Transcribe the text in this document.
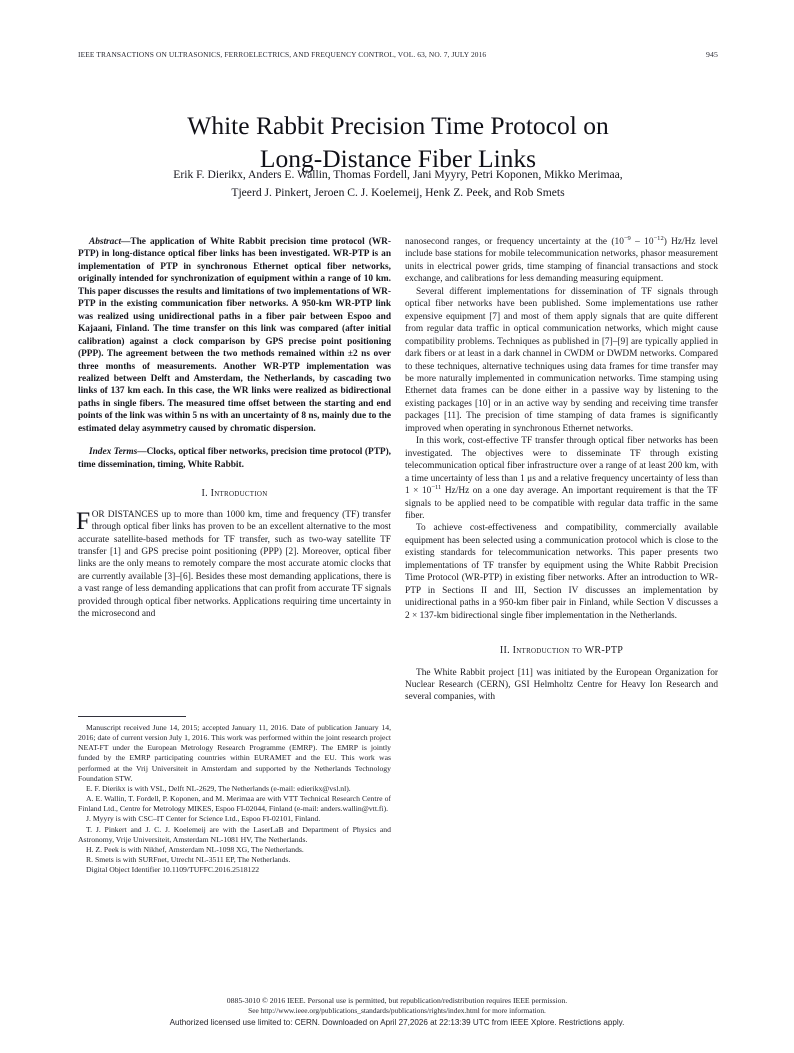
IEEE TRANSACTIONS ON ULTRASONICS, FERROELECTRICS, AND FREQUENCY CONTROL, VOL. 63, NO. 7, JULY 2016	945
White Rabbit Precision Time Protocol on
Long-Distance Fiber Links
Erik F. Dierikx, Anders E. Wallin, Thomas Fordell, Jani Myyry, Petri Koponen, Mikko Merimaa,
Tjeerd J. Pinkert, Jeroen C. J. Koelemeij, Henk Z. Peek, and Rob Smets

Abstract—The application of White Rabbit precision time protocol (WR-PTP) in long-distance optical fiber links has been investigated. WR-PTP is an implementation of PTP in synchronous Ethernet optical fiber networks, originally intended for synchronization of equipment within a range of 10 km. This paper discusses the results and limitations of two implementations of WR-PTP in the existing communication fiber networks. A 950-km WR-PTP link was realized using unidirectional paths in a fiber pair between Espoo and Kajaani, Finland. The time transfer on this link was compared (after initial calibration) against a clock comparison by GPS precise point positioning (PPP). The agreement between the two methods remained within ±2 ns over three months of measurements. Another WR-PTP implementation was realized between Delft and Amsterdam, the Netherlands, by cascading two links of 137 km each. In this case, the WR links were realized as bidirectional paths in single fibers. The measured time offset between the starting and end points of the link was within 5 ns with an uncertainty of 8 ns, mainly due to the estimated delay asymmetry caused by chromatic dispersion.

Index Terms—Clocks, optical fiber networks, precision time protocol (PTP), time dissemination, timing, White Rabbit.

I. Introduction
F OR DISTANCES up to more than 1000 km, time and frequency (TF) transfer through optical fiber links has proven to be an excellent alternative to the most accurate satellite-based methods for TF transfer, such as two-way satellite TF transfer [1] and GPS precise point positioning (PPP) [2]. Moreover, optical fiber links are the only means to remotely compare the most accurate atomic clocks that are currently available [3]–[6]. Besides these most demanding applications, there is a vast range of less demanding applications that can profit from accurate TF signals provided through optical fiber networks. Applications requiring time uncertainty in the microsecond and

nanosecond ranges, or frequency uncertainty at the $(10^{-9} - 10^{-12})$ Hz/Hz level include base stations for mobile telecommunication networks, phasor measurement units in electrical power grids, time stamping of financial transactions and stock exchange, and calibrations for less demanding measuring equipment.

Several different implementations for dissemination of TF signals through optical fiber networks have been published. Some implementations use rather expensive equipment [7] and most of them apply signals that are quite different from regular data traffic in optical communication networks, which might cause compatibility problems. Techniques as published in [7]–[9] are typically applied in dark fibers or at least in a dark channel in CWDM or DWDM networks. Compared to these techniques, alternative techniques using data frames for time transfer may be more naturally implemented in communication networks. Time stamping using Ethernet data frames can be done either in a passive way by listening to the existing packages [10] or in an active way by sending and receiving time transfer packages [11]. The precision of time stamping of data frames is significantly improved when operating in synchronous Ethernet networks.

In this work, cost-effective TF transfer through optical fiber networks has been investigated. The objectives were to disseminate TF through existing telecommunication optical fiber infrastructure over a range of at least 200 km, with a time uncertainty of less than 1 μs and a relative frequency uncertainty of less than $1 \times 10^{-11}$ Hz/Hz on a one day average. An important requirement is that the TF signals to be applied need to be compatible with regular data traffic in the same fiber.

To achieve cost-effectiveness and compatibility, commercially available equipment has been selected using a communication protocol which is close to the existing standards for telecommunication networks. This paper presents two implementations of TF transfer by equipment using the White Rabbit Precision Time Protocol (WR-PTP) in existing fiber networks. After an introduction to WR-PTP in Sections II and III, Section IV discusses an implementation by unidirectional paths in a 950-km fiber pair in Finland, while Section V discusses a 2 × 137-km bidirectional single fiber implementation in the Netherlands.

II. Introduction to WR-PTP

The White Rabbit project [11] was initiated by the European Organization for Nuclear Research (CERN), GSI Helmholtz Centre for Heavy Ion Research and several companies, with

Manuscript received June 14, 2015; accepted January 11, 2016. Date of publication January 14, 2016; date of current version July 1, 2016. This work was performed within the joint research project NEAT-FT under the European Metrology Research Programme (EMRP). The EMRP is jointly funded by the EMRP participating countries within EURAMET and the EU. This work was performed at the Vrij Universiteit in Amsterdam and supported by the Netherlands Technology Foundation STW.

E. F. Dierikx is with VSL, Delft NL-2629, The Netherlands (e-mail: edierikx@vsl.nl).

A. E. Wallin, T. Fordell, P. Koponen, and M. Merimaa are with VTT Technical Research Centre of Finland Ltd., Centre for Metrology MIKES, Espoo FI-02044, Finland (e-mail: anders.wallin@vtt.fi).

J. Myyry is with CSC–IT Center for Science Ltd., Espoo FI-02101, Finland.

T. J. Pinkert and J. C. J. Koelemeij are with the LaserLaB and Department of Physics and Astronomy, Vrije Universiteit, Amsterdam NL-1081 HV, The Netherlands.

H. Z. Peek is with Nikhef, Amsterdam NL-1098 XG, The Netherlands.

R. Smets is with SURFnet, Utrecht NL-3511 EP, The Netherlands.

Digital Object Identifier 10.1109/TUFFC.2016.2518122

0885-3010 © 2016 IEEE. Personal use is permitted, but republication/redistribution requires IEEE permission.
See http://www.ieee.org/publications_standards/publications/rights/index.html for more information.
Authorized licensed use limited to: CERN. Downloaded on April 27,2026 at 22:13:39 UTC from IEEE Xplore. Restrictions apply.
